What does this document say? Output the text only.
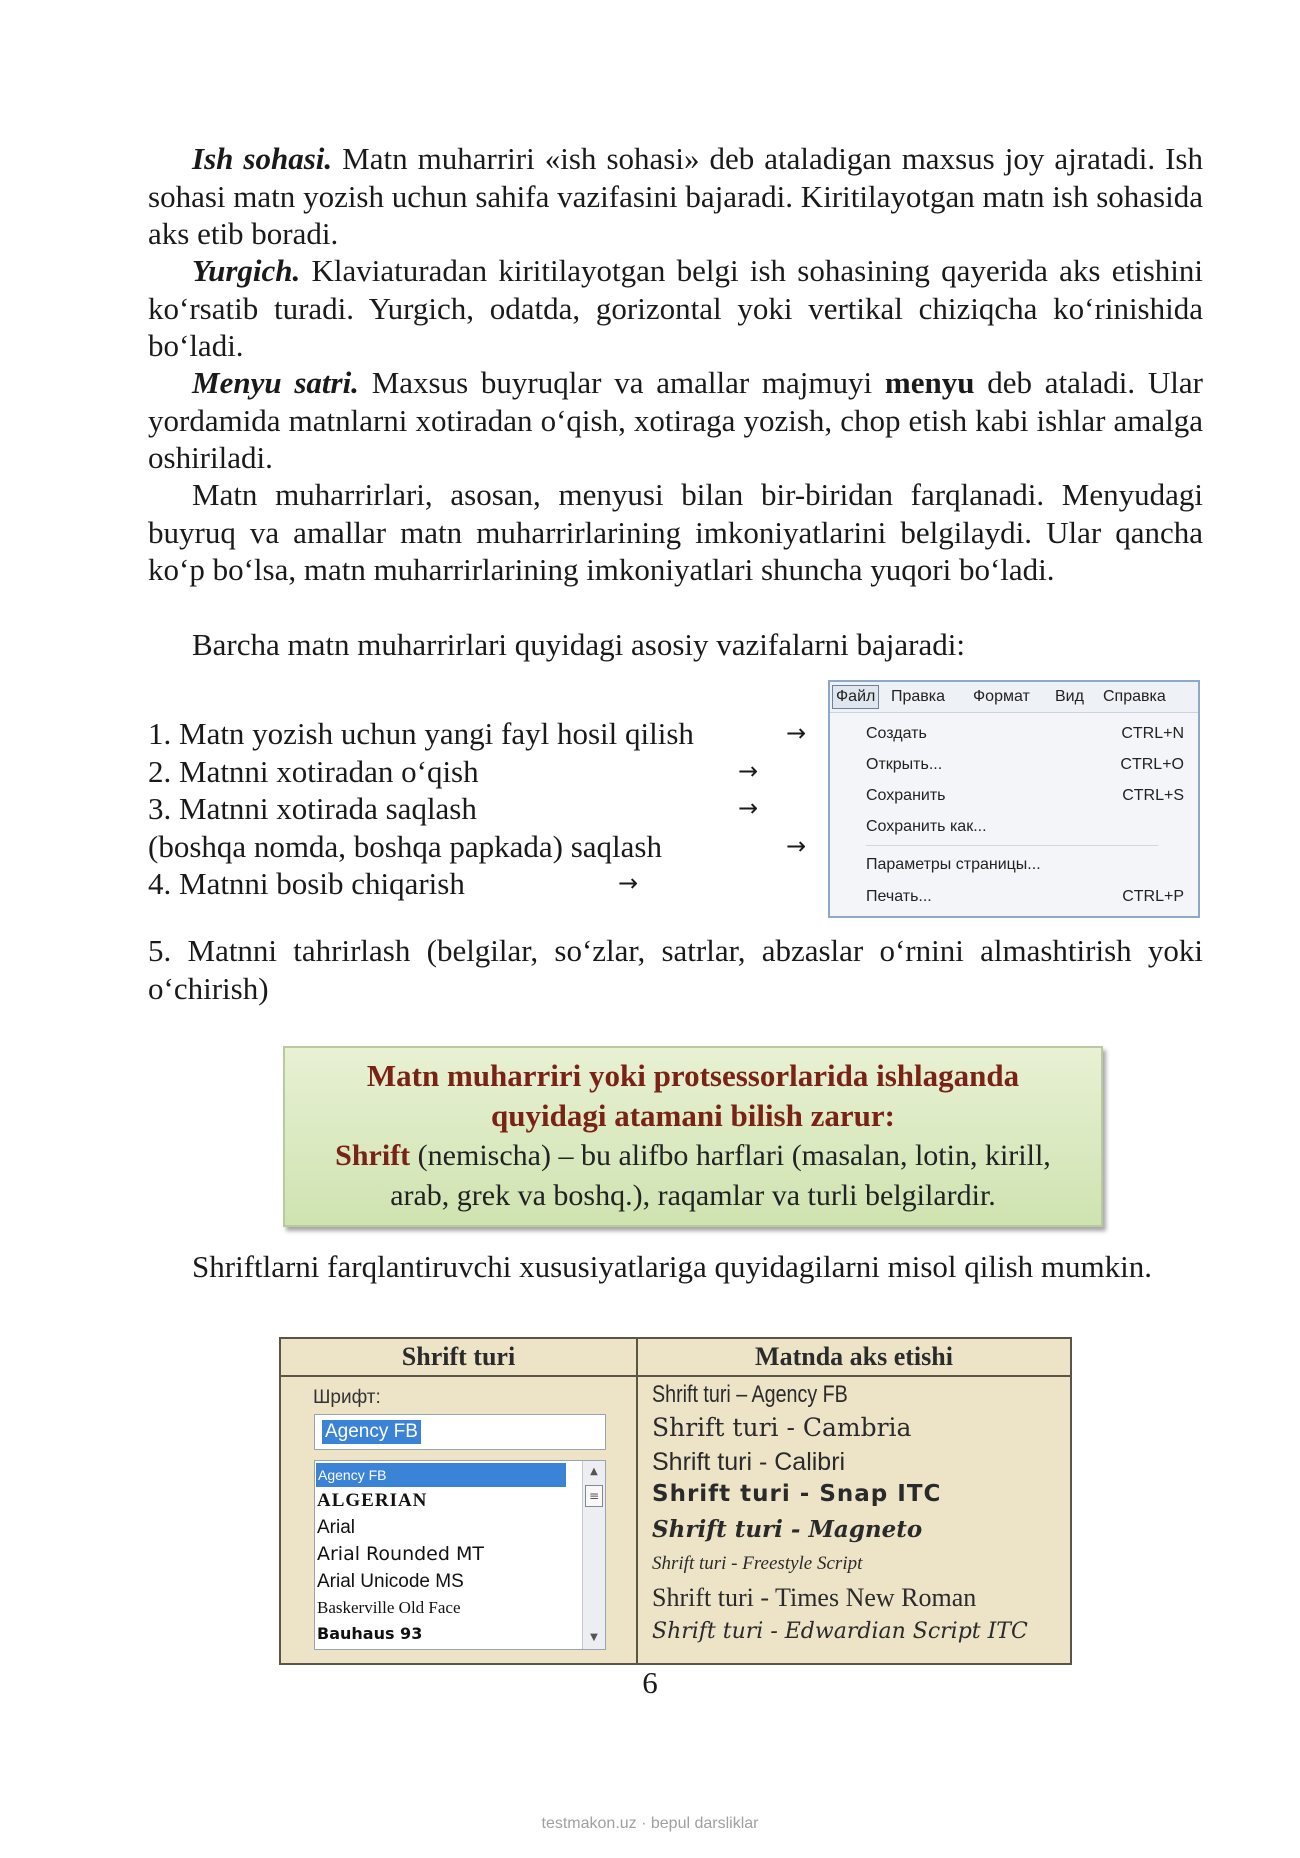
Ish sohasi. Matn muharriri «ish sohasi» deb ataladigan maxsus joy ajratadi. Ish sohasi matn yozish uchun sahifa vazifasini bajaradi. Kiritilayotgan matn ish sohasida aks etib boradi.

Yurgich. Klaviaturadan kiritilayotgan belgi ish sohasining qayerida aks etishini ko‘rsatib turadi. Yurgich, odatda, gorizontal yoki vertikal chiziqcha ko‘rinishida bo‘ladi.

Menyu satri. Maxsus buyruqlar va amallar majmuyi menyu deb ataladi. Ular yordamida matnlarni xotiradan o‘qish, xotiraga yozish, chop etish kabi ishlar amalga oshiriladi.

Matn muharrirlari, asosan, menyusi bilan bir-biridan farqlanadi. Menyudagi buyruq va amallar matn muharrirlarining imkoniyatlarini belgilaydi. Ular qancha ko‘p bo‘lsa, matn muharrirlarining imkoniyatlari shuncha yuqori bo‘ladi.

Barcha matn muharrirlari quyidagi asosiy vazifalarni bajaradi:

1. Matn yozish uchun yangi fayl hosil qilish	→
2. Matnni xotiradan o‘qish	→
3. Matnni xotirada saqlash	→
(boshqa nomda, boshqa papkada) saqlash	→
4. Matnni bosib chiqarish	→
Файл Правка Формат Вид Справка
Создать	CTRL+N
Открыть...	CTRL+O
Сохранить	CTRL+S
Сохранить как...
Параметры страницы...
Печать...	CTRL+P

5. Matnni tahrirlash (belgilar, so‘zlar, satrlar, abzaslar o‘rnini almashtirish yoki o‘chirish)

Matn muharriri yoki protsessorlarida ishlaganda
quyidagi atamani bilish zarur:
Shrift (nemischa) – bu alifbo harflari (masalan, lotin, kirill,
arab, grek va boshq.), raqamlar va turli belgilardir.

Shriftlarni farqlantiruvchi xususiyatlariga quyidagilarni misol qilish mumkin.

Shrift turi	Matnda aks etishi
Шрифт:
Agency FB
Agency FB
ALGERIAN
Arial
Arial Rounded MT
Arial Unicode MS
Baskerville Old Face
Bauhaus 93
▲
≡
▼
Shrift turi – Agency FB
Shrift turi - Cambria
Shrift turi - Calibri
Shrift turi - Snap ITC
Shrift turi - Magneto
Shrift turi - Freestyle Script
Shrift turi - Times New Roman
Shrift turi - Edwardian Script ITC
6
testmakon.uz · bepul darsliklar
